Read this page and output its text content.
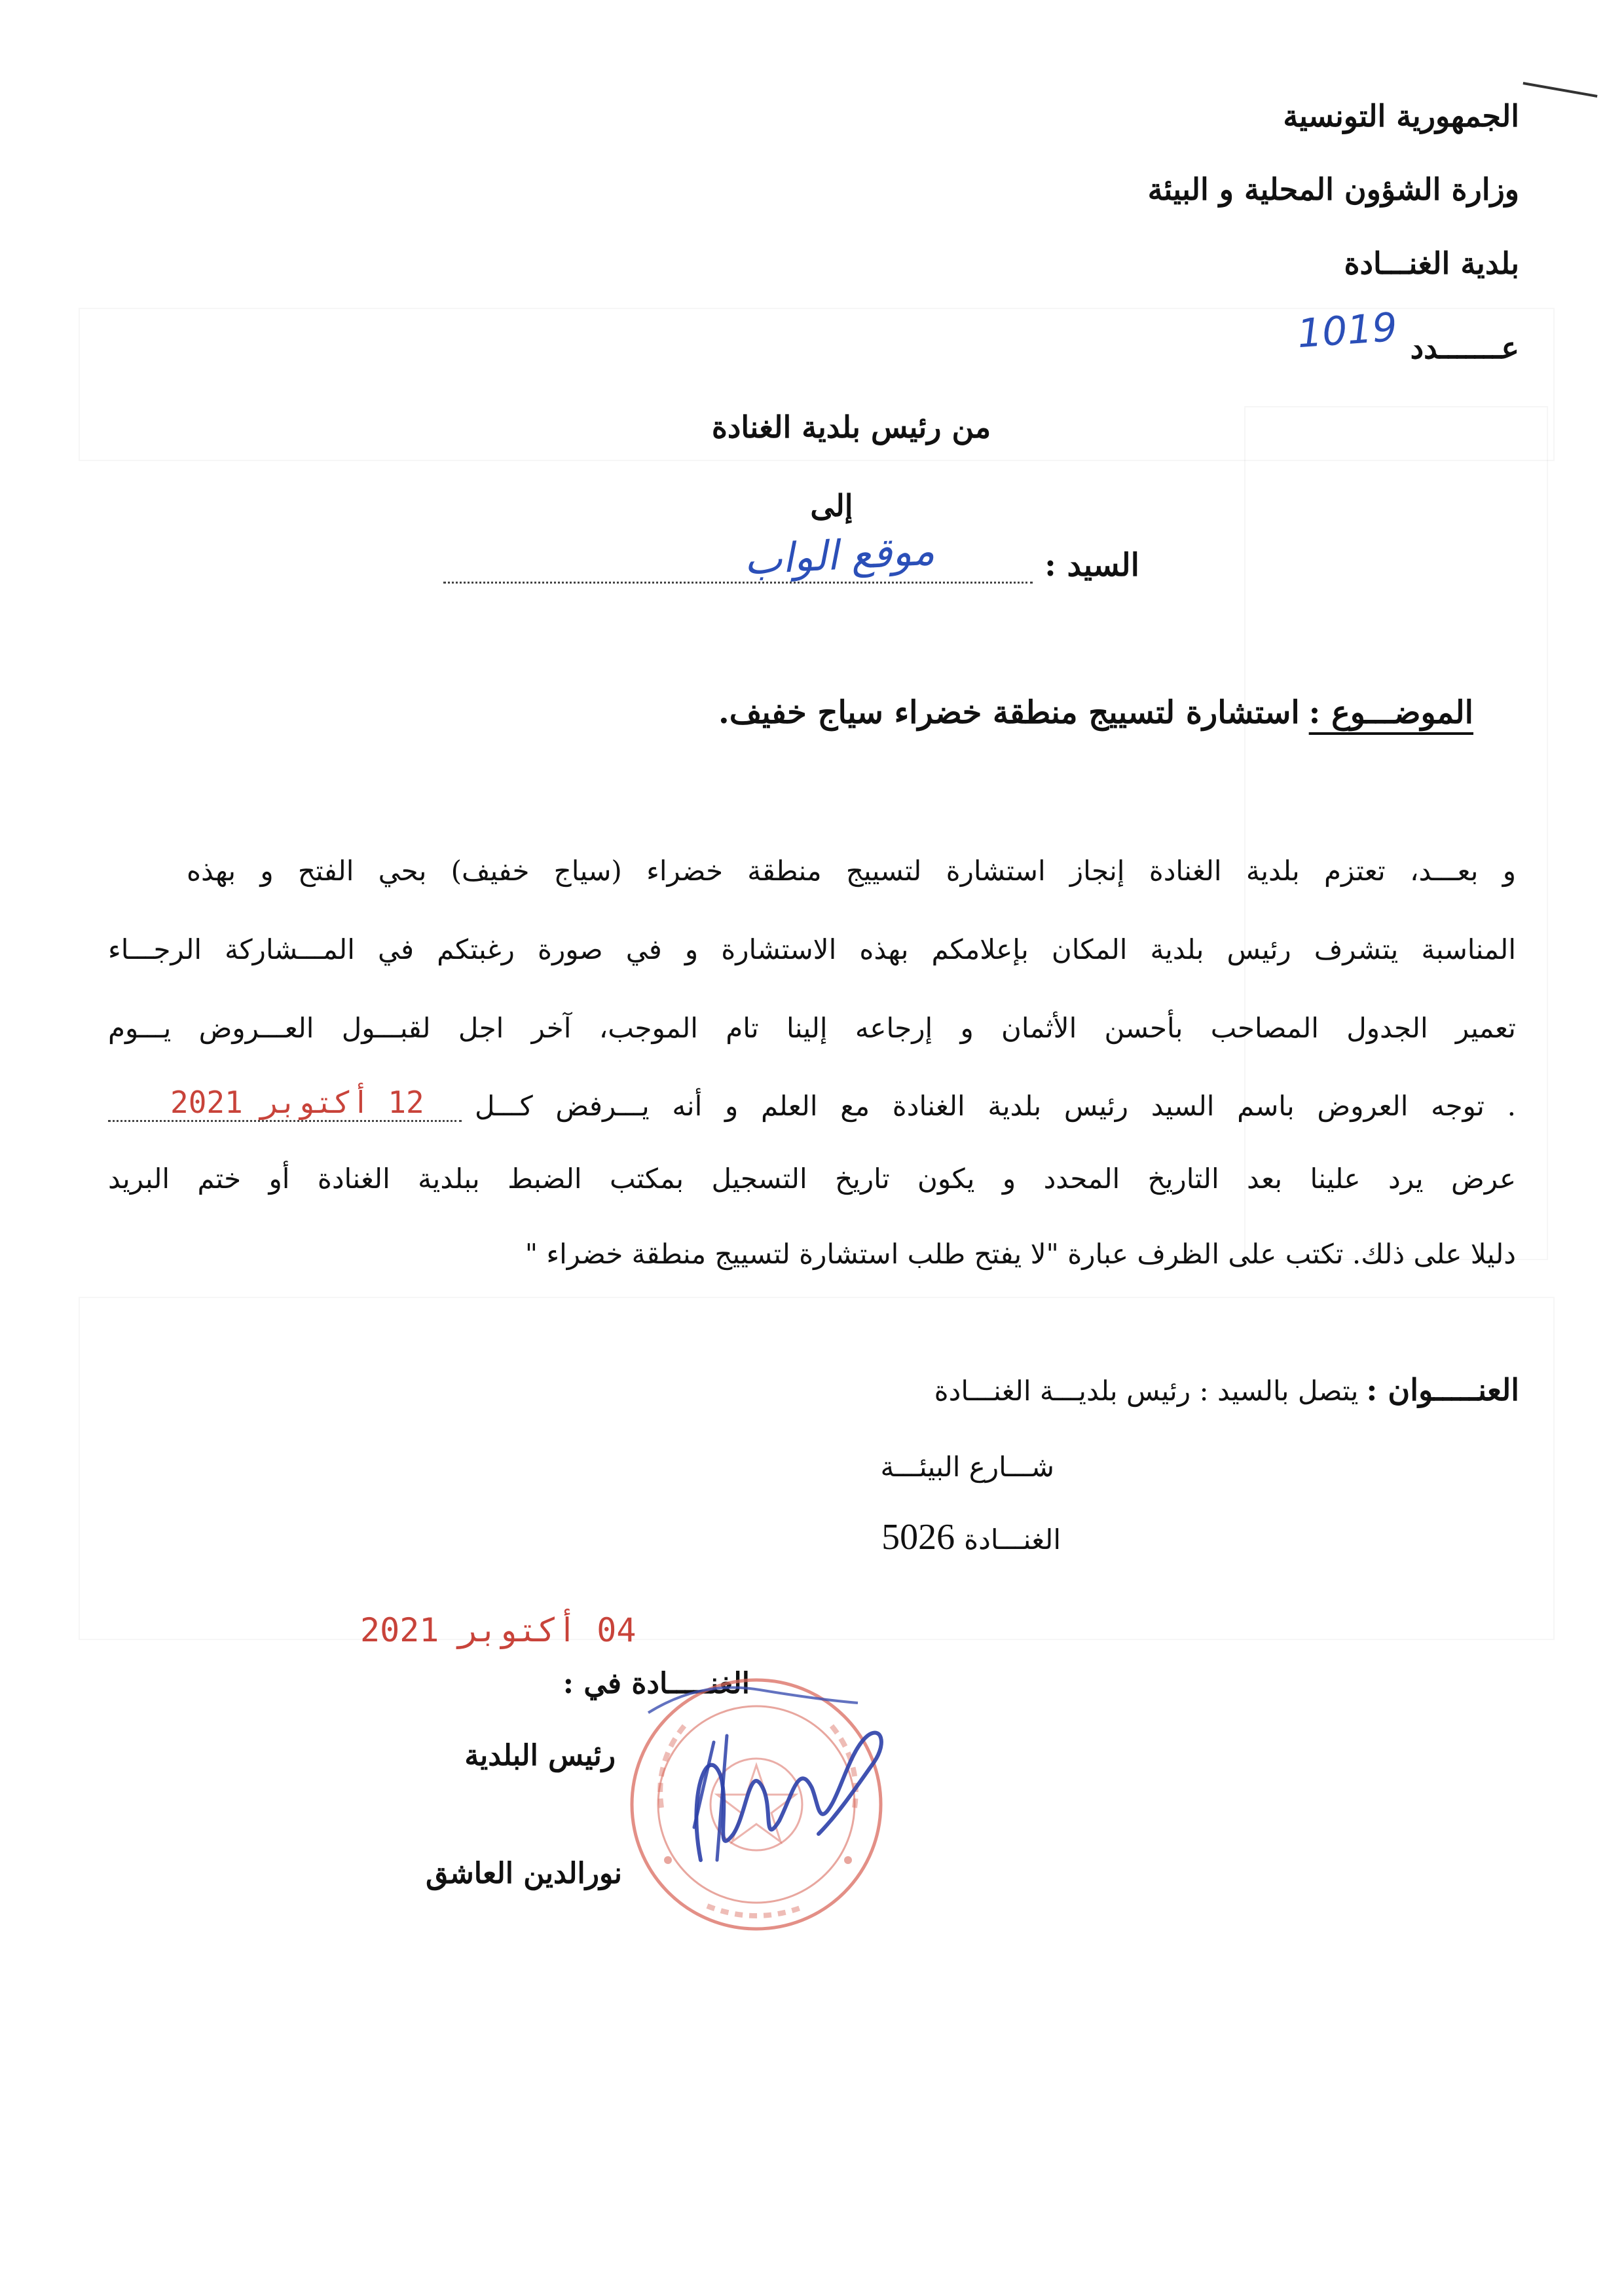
الجمهورية التونسية
وزارة الشؤون المحلية و البيئة
بلدية الغنـــادة
عـــــــدد
1019
من رئيس بلدية الغنادة
إلى
السيد :
موقع الواب
الموضـــوع :
استشارة لتسييج منطقة خضراء سياج خفيف.
و بعـــد، تعتزم بلدية الغنادة إنجاز استشارة لتسييج منطقة خضراء (سياج خفيف) بحي الفتح و بهذه
المناسبة يتشرف رئيس بلدية المكان بإعلامكم بهذه الاستشارة و في صورة رغبتكم في المـــشاركة الرجـــاء
تعمير الجدول المصاحب بأحسن الأثمان و إرجاعه إلينا تام الموجب، آخر اجل لقبـــول العـــروض يـــوم
. توجه العروض باسم السيد رئيس بلدية الغنادة مع العلم و أنه يـــرفض كـــل
12 أكتوبر 2021
عرض يرد علينا بعد التاريخ المحدد و يكون تاريخ التسجيل بمكتب الضبط ببلدية الغنادة أو ختم البريد
دليلا على ذلك. تكتب على الظرف عبارة "لا يفتح طلب استشارة لتسييج منطقة خضراء "
العنـــــوان :
يتصل بالسيد : رئيس بلديـــة الغنـــادة
شـــارع البيئـــة
الغنـــادة
5026
04 أكتوبر 2021
الغنـــــادة في :
رئيس البلدية
نورالدين العاشق
